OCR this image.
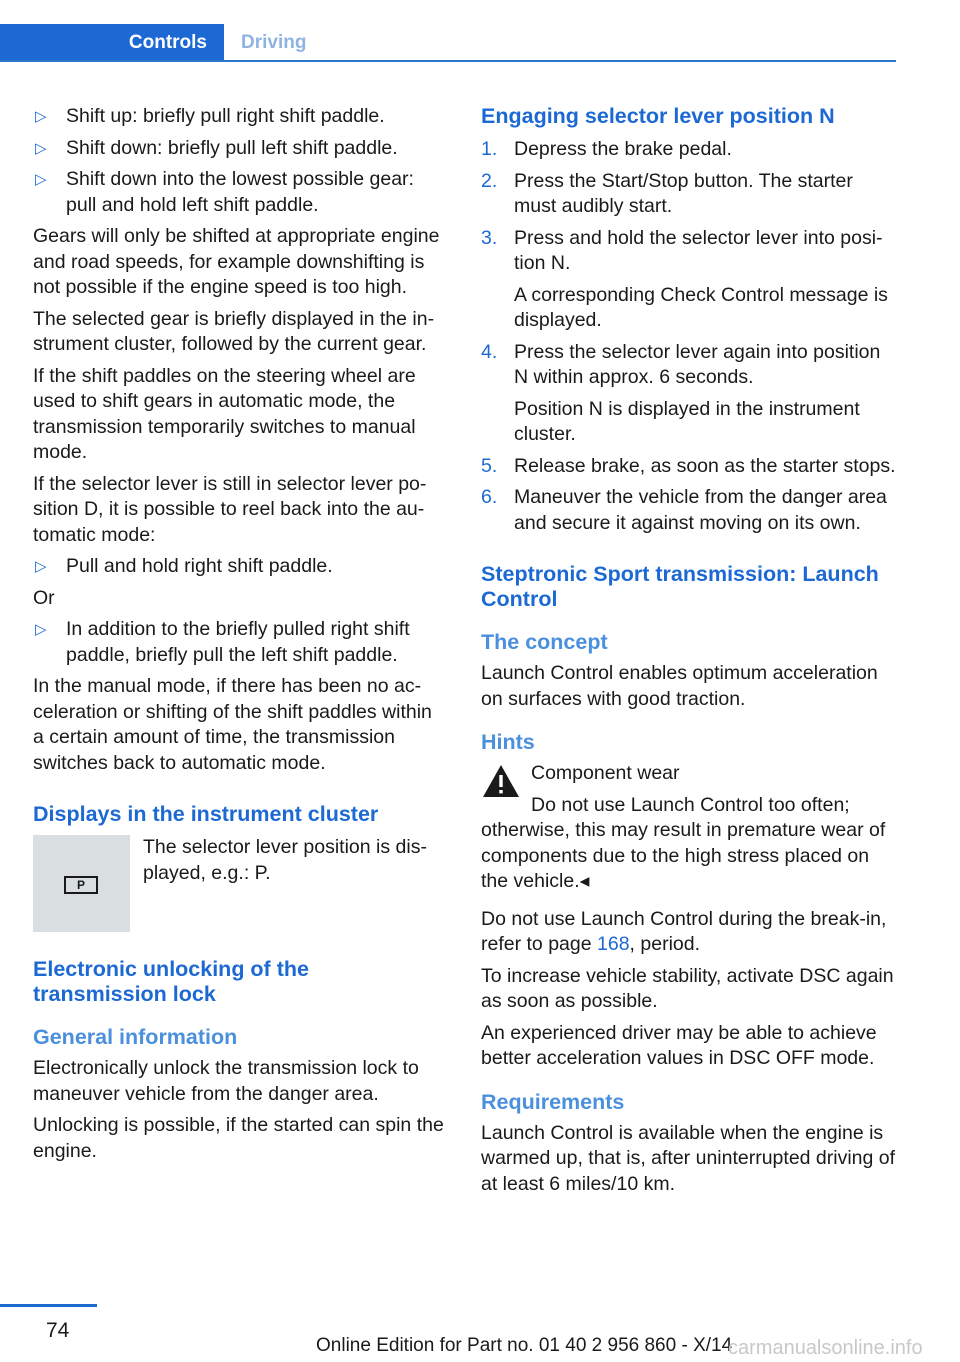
Controls	Driving
▷ Shift up: briefly pull right shift paddle.
▷ Shift down: briefly pull left shift paddle.
▷ Shift down into the lowest possible gear: pull and hold left shift paddle.

Gears will only be shifted at appropriate engine and road speeds, for example downshifting is not possible if the engine speed is too high.

The selected gear is briefly displayed in the instrument cluster, followed by the current gear.

If the shift paddles on the steering wheel are used to shift gears in automatic mode, the transmission temporarily switches to manual mode.

If the selector lever is still in selector lever position D, it is possible to reel back into the automatic mode:

▷ Pull and hold right shift paddle.

Or

▷ In addition to the briefly pulled right shift paddle, briefly pull the left shift paddle.

In the manual mode, if there has been no acceleration or shifting of the shift paddles within a certain amount of time, the transmission switches back to automatic mode.

Displays in the instrument cluster
P
The selector lever position is displayed, e.g.: P.
Electronic unlocking of the transmission lock
General information

Electronically unlock the transmission lock to maneuver vehicle from the danger area.

Unlocking is possible, if the started can spin the engine.

Engaging selector lever position N
1. Depress the brake pedal.
2. Press the Start/Stop button. The starter must audibly start.
3. Press and hold the selector lever into position N.

A corresponding Check Control message is displayed.

4. Press the selector lever again into position N within approx. 6 seconds.

Position N is displayed in the instrument cluster.

5. Release brake, as soon as the starter stops.
6. Maneuver the vehicle from the danger area and secure it against moving on its own.
Steptronic Sport transmission: Launch Control
The concept

Launch Control enables optimum acceleration on surfaces with good traction.

Hints

Component wear

Do not use Launch Control too often;

otherwise, this may result in premature wear of components due to the high stress placed on the vehicle.◂

Do not use Launch Control during the break-in, refer to page 168, period.

To increase vehicle stability, activate DSC again as soon as possible.

An experienced driver may be able to achieve better acceleration values in DSC OFF mode.

Requirements

Launch Control is available when the engine is warmed up, that is, after uninterrupted driving of at least 6 miles/10 km.

74
Online Edition for Part no. 01 40 2 956 860 - X/14
carmanualsonline.info
